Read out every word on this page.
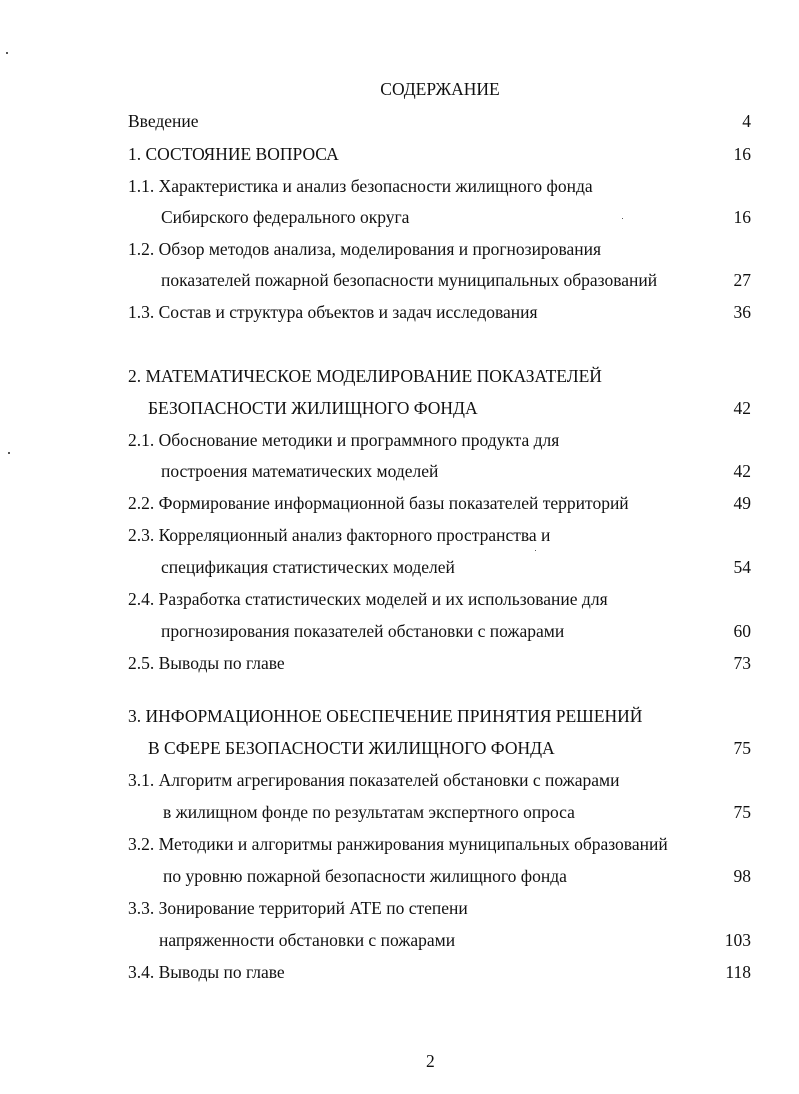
СОДЕРЖАНИЕ
Введение	4
1. СОСТОЯНИЕ ВОПРОСА	16
1.1. Характеристика и анализ безопасности жилищного фонда
Сибирского федерального округа	16
1.2. Обзор методов анализа, моделирования и прогнозирования
показателей пожарной безопасности муниципальных образований	27
1.3. Состав и структура объектов и задач исследования	36
2. МАТЕМАТИЧЕСКОЕ МОДЕЛИРОВАНИЕ ПОКАЗАТЕЛЕЙ
БЕЗОПАСНОСТИ ЖИЛИЩНОГО ФОНДА	42
2.1. Обоснование методики и программного продукта для
построения математических моделей	42
2.2. Формирование информационной базы показателей территорий	49
2.3. Корреляционный анализ факторного пространства и
спецификация статистических моделей	54
2.4. Разработка статистических моделей и их использование для
прогнозирования показателей обстановки с пожарами	60
2.5. Выводы по главе	73
3. ИНФОРМАЦИОННОЕ ОБЕСПЕЧЕНИЕ ПРИНЯТИЯ РЕШЕНИЙ
В СФЕРЕ БЕЗОПАСНОСТИ ЖИЛИЩНОГО ФОНДА	75
3.1. Алгоритм агрегирования показателей обстановки с пожарами
в жилищном фонде по результатам экспертного опроса	75
3.2. Методики и алгоритмы ранжирования муниципальных образований
по уровню пожарной безопасности жилищного фонда	98
3.3. Зонирование территорий АТЕ по степени
напряженности обстановки с пожарами	103
3.4. Выводы по главе	118
2
